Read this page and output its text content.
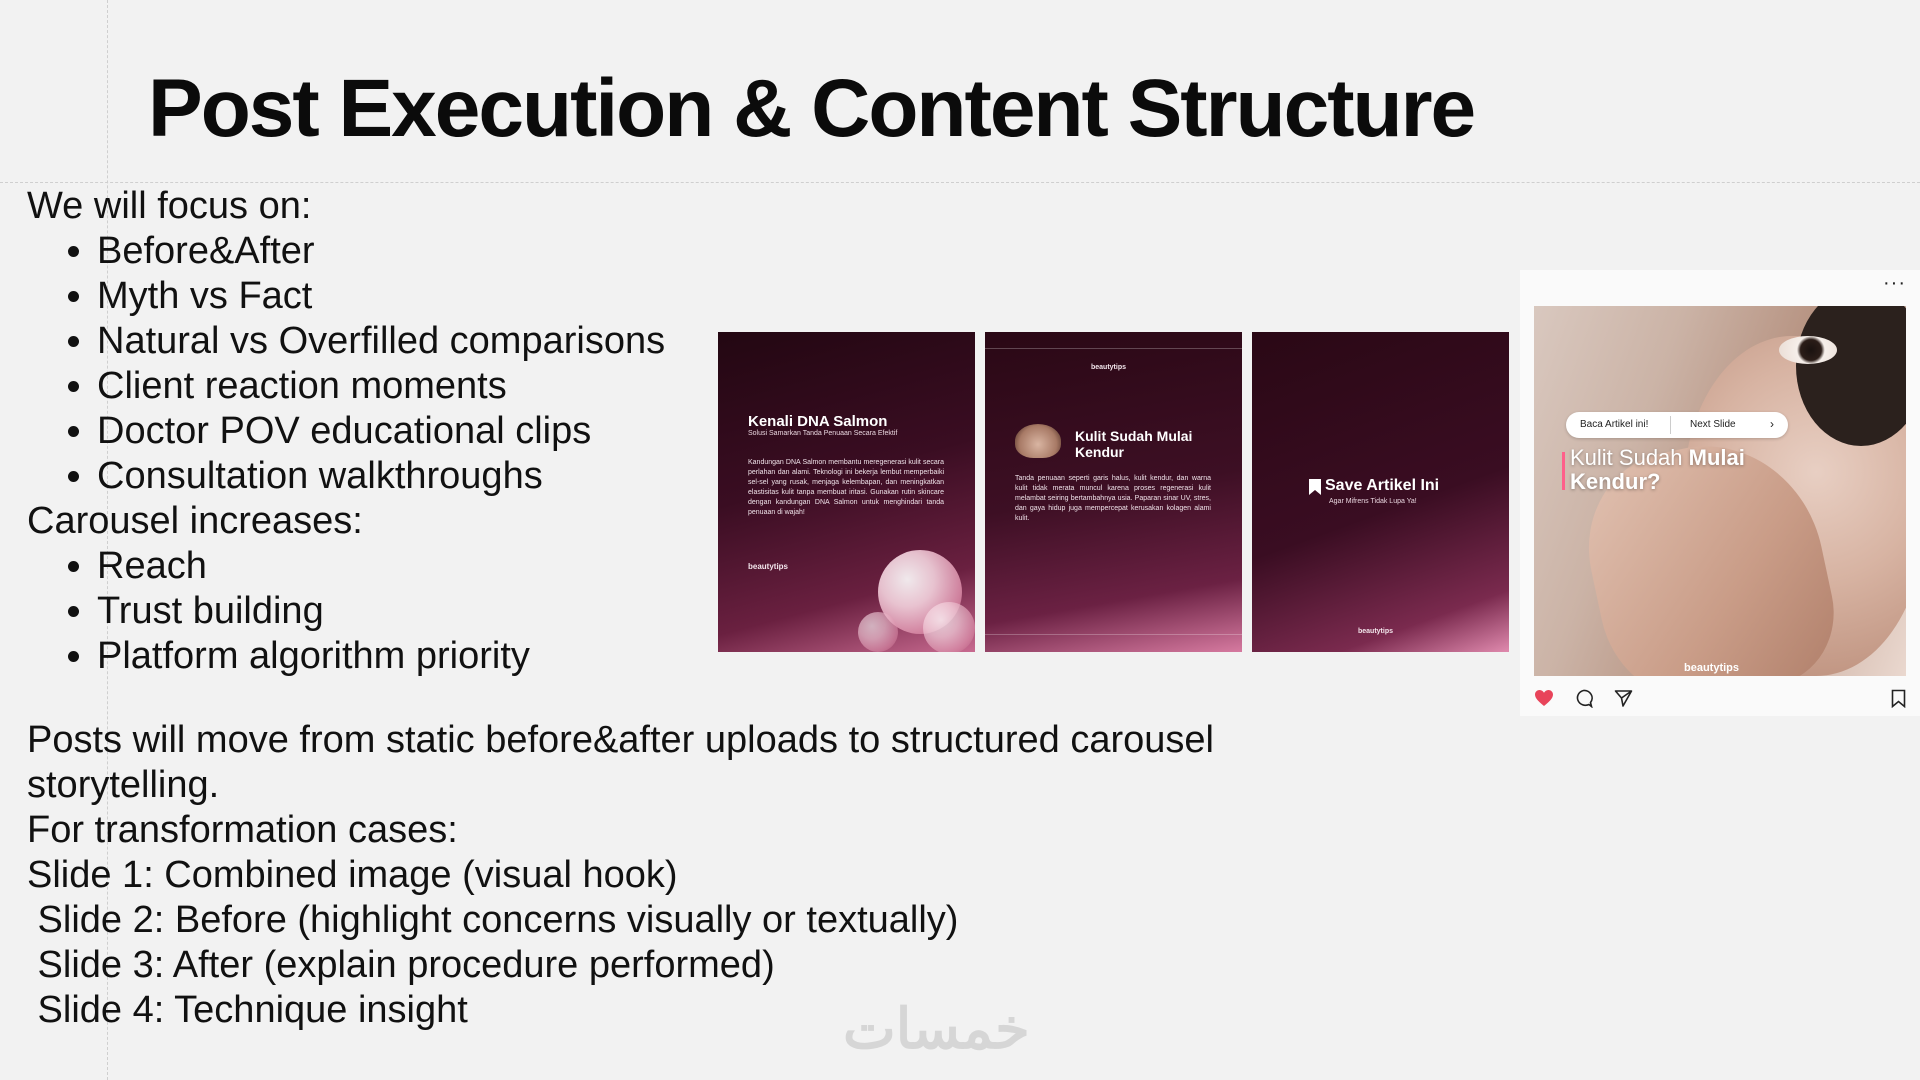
Post Execution & Content Structure
We will focus on:
• Before&After
• Myth vs Fact
• Natural vs Overfilled comparisons
• Client reaction moments
• Doctor POV educational clips
• Consultation walkthroughs
Carousel increases:
• Reach
• Trust building
• Platform algorithm priority
Posts will move from static before&after uploads to structured carousel
storytelling.
For transformation cases:
Slide 1: Combined image (visual hook)
Slide 2: Before (highlight concerns visually or textually)
Slide 3: After (explain procedure performed)
Slide 4: Technique insight
Kenali DNA Salmon
Solusi Samarkan Tanda Penuaan Secara Efektif
Kandungan DNA Salmon membantu meregenerasi kulit secara perlahan dan alami. Teknologi ini bekerja lembut memperbaiki sel-sel yang rusak, menjaga kelembapan, dan meningkatkan elastisitas kulit tanpa membuat iritasi. Gunakan rutin skincare dengan kandungan DNA Salmon untuk menghindari tanda penuaan di wajah!
beautytips
beautytips
Kulit Sudah Mulai Kendur
Tanda penuaan seperti garis halus, kulit kendur, dan warna kulit tidak merata muncul karena proses regenerasi kulit melambat seiring bertambahnya usia. Paparan sinar UV, stres, dan gaya hidup juga mempercepat kerusakan kolagen alami kulit.
Save Artikel Ini
Agar Mifrens Tidak Lupa Ya!
beautytips
···
Baca Artikel ini!	Next Slide	›
Kulit Sudah Mulai
Kendur?
beautytips
خمسات
